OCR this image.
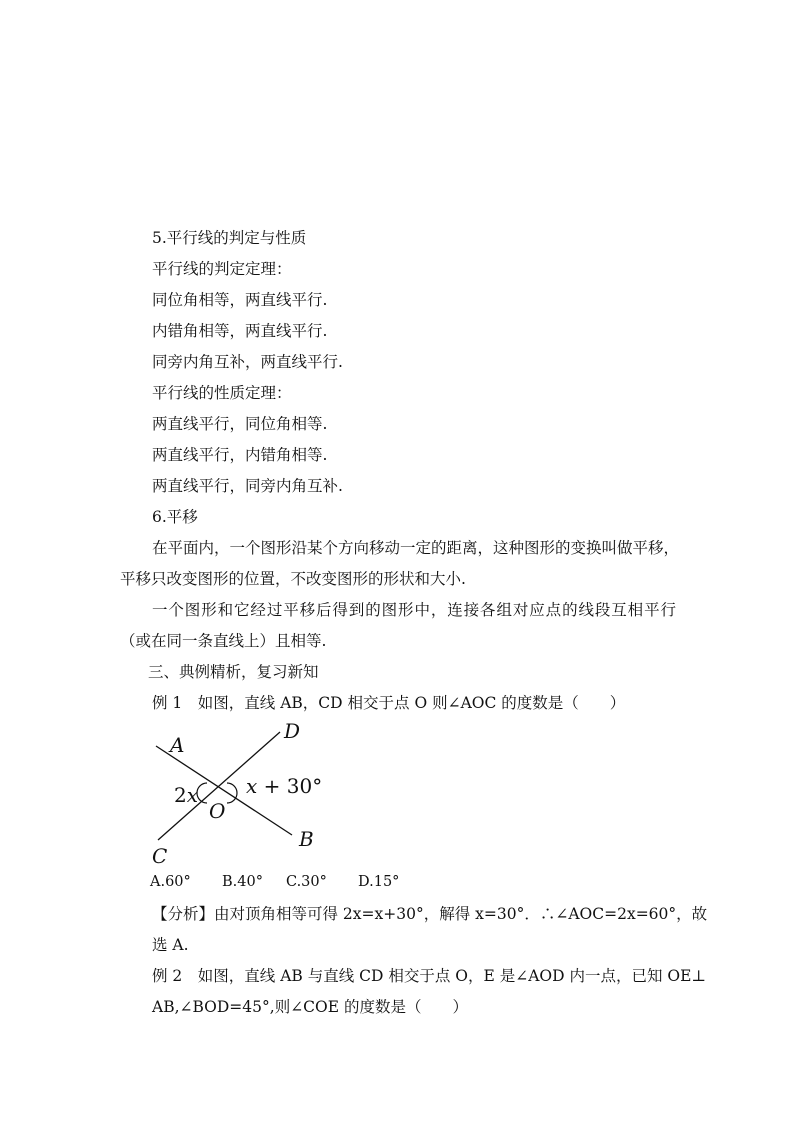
5.平行线的判定与性质
平行线的判定定理：
同位角相等，两直线平行.
内错角相等，两直线平行.
同旁内角互补，两直线平行.
平行线的性质定理：
两直线平行，同位角相等.
两直线平行，内错角相等.
两直线平行，同旁内角互补.
6.平移
在平面内，一个图形沿某个方向移动一定的距离，这种图形的变换叫做平移，
平移只改变图形的位置，不改变图形的形状和大小.
一个图形和它经过平移后得到的图形中，连接各组对应点的线段互相平行
（或在同一条直线上）且相等.
三、典例精析，复习新知
例 1　如图，直线 AB，CD 相交于点 O 则∠AOC 的度数是（　　）
A
D
2x x + 30°
O
B
C
A.60° B.40° C.30° D.15°
【分析】由对顶角相等可得 2x=x+30°，解得 x=30°．∴∠AOC=2x=60°，故
选 A.
例 2　如图，直线 AB 与直线 CD 相交于点 O，E 是∠AOD 内一点，已知 OE⊥
AB,∠BOD=45°,则∠COE 的度数是（　　）
